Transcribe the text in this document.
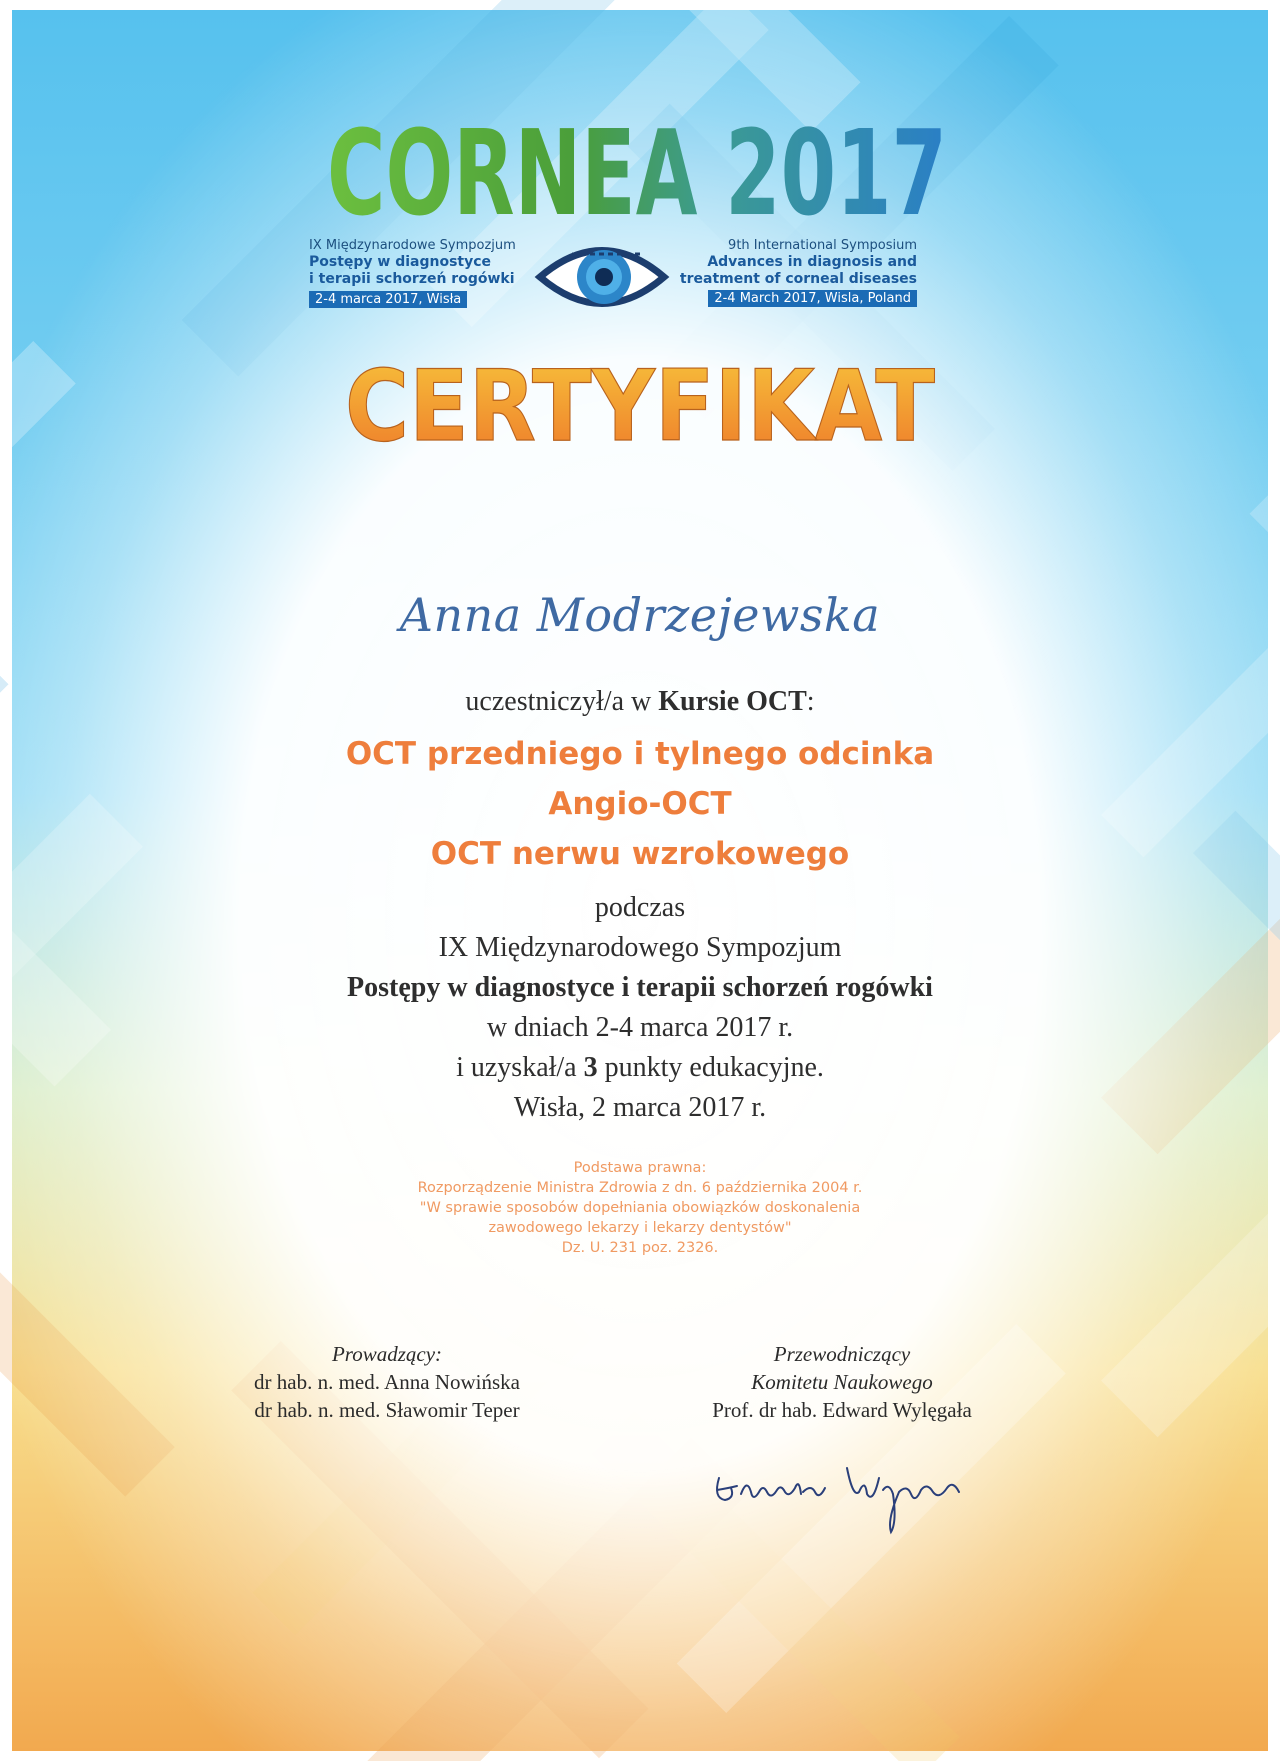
CORNEA 2017
IX Międzynarodowe Sympozjum
Postępy w diagnostyce
i terapii schorzeń rogówki
2-4 marca 2017, Wisła
9th International Symposium
Advances in diagnosis and
treatment of corneal diseases
2-4 March 2017, Wisla, Poland
CERTYFIKAT
Anna Modrzejewska
uczestniczył/a w Kursie OCT:
OCT przedniego i tylnego odcinka
Angio-OCT
OCT nerwu wzrokowego
podczas
IX Międzynarodowego Sympozjum
Postępy w diagnostyce i terapii schorzeń rogówki
w dniach 2-4 marca 2017 r.
i uzyskał/a 3 punkty edukacyjne.
Wisła, 2 marca 2017 r.
Podstawa prawna:
Rozporządzenie Ministra Zdrowia z dn. 6 października 2004 r.
"W sprawie sposobów dopełniania obowiązków doskonalenia
zawodowego lekarzy i lekarzy dentystów"
Dz. U. 231 poz. 2326.
Prowadzący:
dr hab. n. med. Anna Nowińska
dr hab. n. med. Sławomir Teper
Przewodniczący
Komitetu Naukowego
Prof. dr hab. Edward Wylęgała
